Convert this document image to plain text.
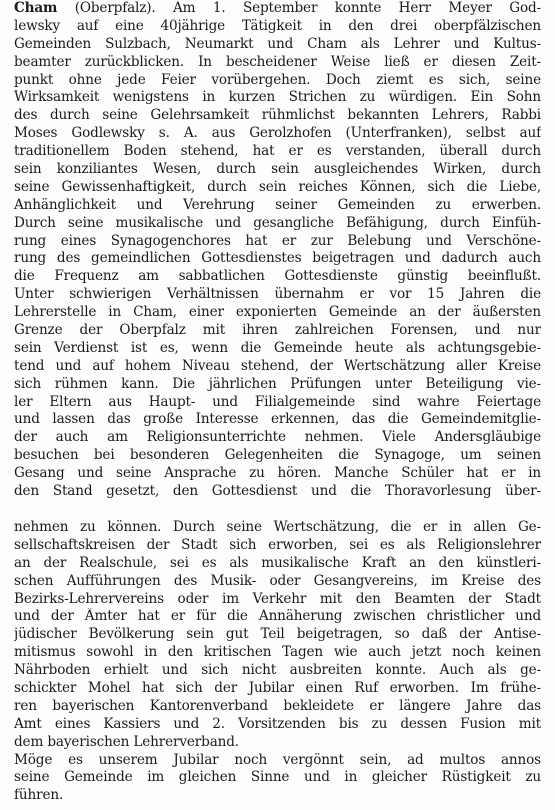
Cham (Oberpfalz). Am 1. September konnte Herr Meyer God-
lewsky auf eine 40jährige Tätigkeit in den drei oberpfälzischen
Gemeinden Sulzbach, Neumarkt und Cham als Lehrer und Kultus-
beamter zurückblicken. In bescheidener Weise ließ er diesen Zeit-
punkt ohne jede Feier vorübergehen. Doch ziemt es sich, seine
Wirksamkeit wenigstens in kurzen Strichen zu würdigen. Ein Sohn
des durch seine Gelehrsamkeit rühmlichst bekannten Lehrers, Rabbi
Moses Godlewsky s. A. aus Gerolzhofen (Unterfranken), selbst auf
traditionellem Boden stehend, hat er es verstanden, überall durch
sein konziliantes Wesen, durch sein ausgleichendes Wirken, durch
seine Gewissenhaftigkeit, durch sein reiches Können, sich die Liebe,
Anhänglichkeit und Verehrung seiner Gemeinden zu erwerben.
Durch seine musikalische und gesangliche Befähigung, durch Einfüh-
rung eines Synagogenchores hat er zur Belebung und Verschöne-
rung des gemeindlichen Gottesdienstes beigetragen und dadurch auch
die Frequenz am sabbatlichen Gottesdienste günstig beeinflußt.
Unter schwierigen Verhältnissen übernahm er vor 15 Jahren die
Lehrerstelle in Cham, einer exponierten Gemeinde an der äußersten
Grenze der Oberpfalz mit ihren zahlreichen Forensen, und nur
sein Verdienst ist es, wenn die Gemeinde heute als achtungsgebie-
tend und auf hohem Niveau stehend, der Wertschätzung aller Kreise
sich rühmen kann. Die jährlichen Prüfungen unter Beteiligung vie-
ler Eltern aus Haupt- und Filialgemeinde sind wahre Feiertage
und lassen das große Interesse erkennen, das die Gemeindemitglie-
der auch am Religionsunterrichte nehmen. Viele Andersgläubige
besuchen bei besonderen Gelegenheiten die Synagoge, um seinen
Gesang und seine Ansprache zu hören. Manche Schüler hat er in
den Stand gesetzt, den Gottesdienst und die Thoravorlesung über-
nehmen zu können. Durch seine Wertschätzung, die er in allen Ge-
sellschaftskreisen der Stadt sich erworben, sei es als Religionslehrer
an der Realschule, sei es als musikalische Kraft an den künstleri-
schen Aufführungen des Musik- oder Gesangvereins, im Kreise des
Bezirks-Lehrervereins oder im Verkehr mit den Beamten der Stadt
und der Ämter hat er für die Annäherung zwischen christlicher und
jüdischer Bevölkerung sein gut Teil beigetragen, so daß der Antise-
mitismus sowohl in den kritischen Tagen wie auch jetzt noch keinen
Nährboden erhielt und sich nicht ausbreiten konnte. Auch als ge-
schickter Mohel hat sich der Jubilar einen Ruf erworben. Im frühe-
ren bayerischen Kantorenverband bekleidete er längere Jahre das
Amt eines Kassiers und 2. Vorsitzenden bis zu dessen Fusion mit
dem bayerischen Lehrerverband.
Möge es unserem Jubilar noch vergönnt sein, ad multos annos
seine Gemeinde im gleichen Sinne und in gleicher Rüstigkeit zu
führen.
